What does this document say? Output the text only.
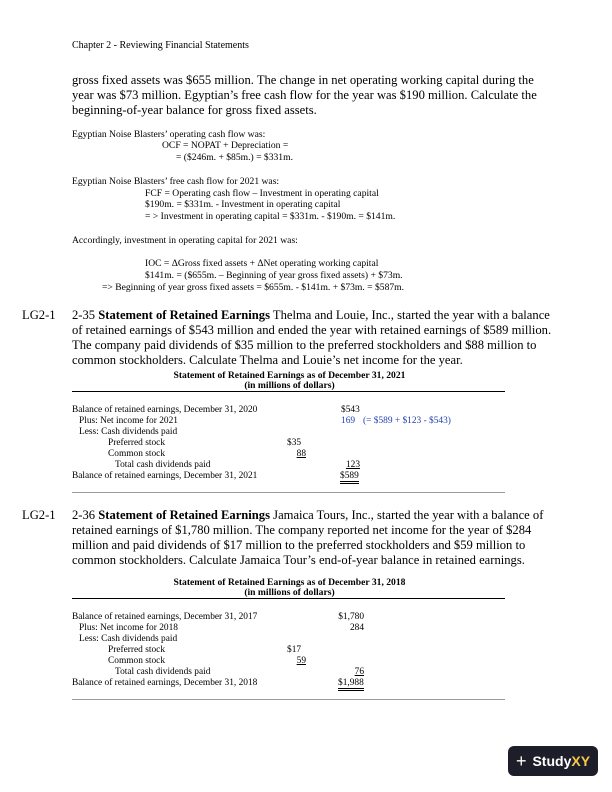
Chapter 2 - Reviewing Financial Statements
gross fixed assets was $655 million. The change in net operating working capital during the
year was $73 million. Egyptian’s free cash flow for the year was $190 million. Calculate the
beginning-of-year balance for gross fixed assets.
Egyptian Noise Blasters’ operating cash flow was:
OCF = NOPAT + Depreciation =
= ($246m. + $85m.) = $331m.
Egyptian Noise Blasters’ free cash flow for 2021 was:
FCF = Operating cash flow – Investment in operating capital
$190m. = $331m. - Investment in operating capital
= > Investment in operating capital = $331m. - $190m. = $141m.
Accordingly, investment in operating capital for 2021 was:
IOC = ΔGross fixed assets + ΔNet operating working capital
$141m. = ($655m. – Beginning of year gross fixed assets) + $73m.
=> Beginning of year gross fixed assets = $655m. - $141m. + $73m. = $587m.
LG2-1 2-35 Statement of Retained Earnings Thelma and Louie, Inc., started the year with a balance
of retained earnings of $543 million and ended the year with retained earnings of $589 million.
The company paid dividends of $35 million to the preferred stockholders and $88 million to
common stockholders. Calculate Thelma and Louie’s net income for the year.
Statement of Retained Earnings as of December 31, 2021
(in millions of dollars)
Balance of retained earnings, December 31, 2020	$543
Plus: Net income for 2021	169 (= $589 + $123 - $543)
Less: Cash dividends paid
Preferred stock	$35
Common stock	88
Total cash dividends paid	123
Balance of retained earnings, December 31, 2021	$589
LG2-1 2-36 Statement of Retained Earnings Jamaica Tours, Inc., started the year with a balance of
retained earnings of $1,780 million. The company reported net income for the year of $284
million and paid dividends of $17 million to the preferred stockholders and $59 million to
common stockholders. Calculate Jamaica Tour’s end-of-year balance in retained earnings.
Statement of Retained Earnings as of December 31, 2018
(in millions of dollars)
Balance of retained earnings, December 31, 2017	$1,780
Plus: Net income for 2018	284
Less: Cash dividends paid
Preferred stock	$17
Common stock	59
Total cash dividends paid	76
Balance of retained earnings, December 31, 2018	$1,988
+ StudyXY
